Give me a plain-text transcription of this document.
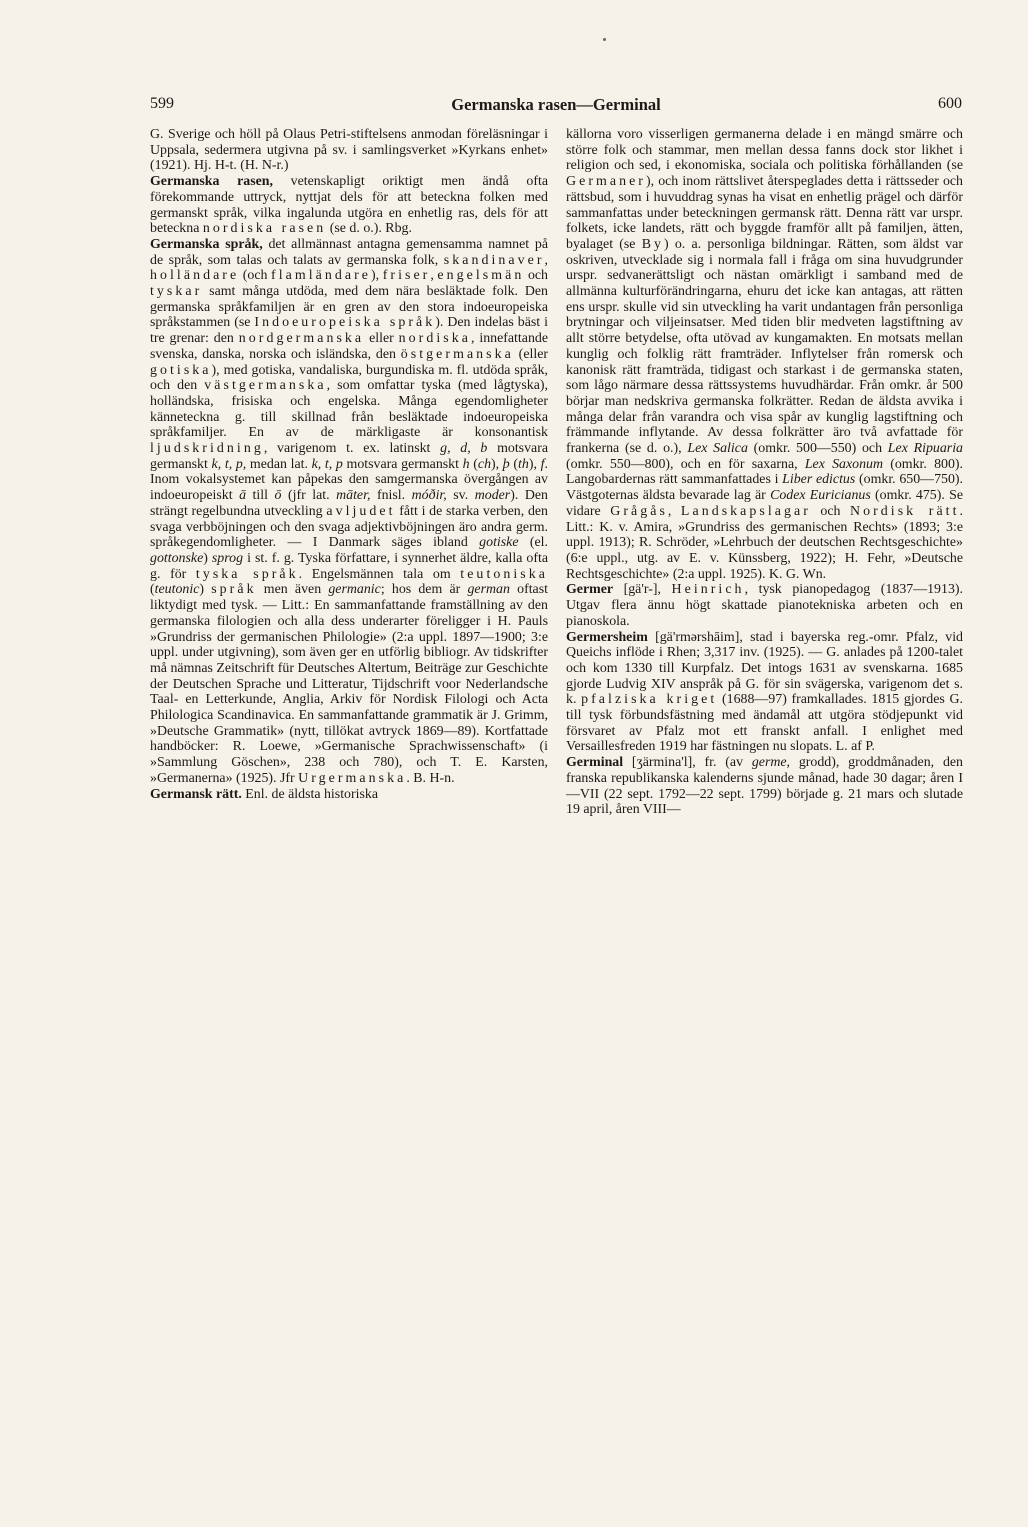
599	Germanska rasen—Germinal	600

G. Sverige och höll på Olaus Petri-stiftelsens anmodan föreläsningar i Uppsala, sedermera utgivna på sv. i samlingsverket »Kyrkans enhet» (1921). Hj. H-t. (H. N-r.)

Germanska rasen, vetenskapligt oriktigt men ändå ofta förekommande uttryck, nyttjat dels för att beteckna folken med germanskt språk, vilka ingalunda utgöra en enhetlig ras, dels för att beteckna nordiska rasen (se d. o.). Rbg.

Germanska språk, det allmännast antagna gemensamma namnet på de språk, som talas och talats av germanska folk, skandinaver, holländare (och flamländare), friser, engelsmän och tyskar samt många utdöda, med dem nära besläktade folk. Den germanska språkfamiljen är en gren av den stora indoeuropeiska språkstammen (se Indoeuropeiska språk). Den indelas bäst i tre grenar: den nordgermanska eller nordiska, innefattande svenska, danska, norska och isländska, den östgermanska (eller gotiska), med gotiska, vandaliska, burgundiska m. fl. utdöda språk, och den västgermanska, som omfattar tyska (med lågtyska), holländska, frisiska och engelska. Många egendomligheter kännetecknа g. till skillnad från besläktade indoeuropeiska språkfamiljer. En av de märkligaste är konsonantisk ljudskridning, varigenom t. ex. latinskt g, d, b motsvara germanskt k, t, p, medan lat. k, t, p motsvara germanskt h (ch), þ (th), f. Inom vokalsystemet kan påpekas den samgermanska övergången av indoeuropeiskt ā till ō (jfr lat. māter, fnisl. móðir, sv. moder). Den strängt regelbundna utveckling avljudet fått i de starka verben, den svaga verbböjningen och den svaga adjektivböjningen äro andra germ. språkegendomligheter. — I Danmark säges ibland gotiske (el. gottonske) sprog i st. f. g. Tyska författare, i synnerhet äldre, kalla ofta g. för tyska språk. Engelsmännen tala om teutoniska (teutonic) språk men även germanic; hos dem är german oftast liktydigt med tysk. — Litt.: En sammanfattande framställning av den germanska filologien och alla dess underarter föreligger i H. Pauls »Grundriss der germanischen Philologie» (2:a uppl. 1897—1900; 3:e uppl. under utgivning), som även ger en utförlig bibliogr. Av tidskrifter må nämnas Zeitschrift für Deutsches Altertum, Beiträge zur Geschichte der Deutschen Sprache und Litteratur, Tijdschrift voor Nederlandsche Taal- en Letterkunde, Anglia, Arkiv för Nordisk Filologi och Acta Philologica Scandinavica. En sammanfattande grammatik är J. Grimm, »Deutsche Grammatik» (nytt, tillökat avtryck 1869—89). Kortfattade handböcker: R. Loewe, »Germanische Sprachwissenschaft» (i »Sammlung Göschen», 238 och 780), och T. E. Karsten, »Germanerna» (1925). Jfr Urgermanska. B. H-n.

Germansk rätt. Enl. de äldsta historiska

källorna voro visserligen germanerna delade i en mängd smärre och större folk och stammar, men mellan dessa fanns dock stor likhet i religion och sed, i ekonomiska, sociala och politiska förhållanden (se Germaner), och inom rättslivet återspeglades detta i rättsseder och rättsbud, som i huvuddrag synas ha visat en enhetlig prägel och därför sammanfattas under beteckningen germansk rätt. Denna rätt var urspr. folkets, icke landets, rätt och byggde framför allt på familjen, ätten, byalaget (se By) o. a. personliga bildningar. Rätten, som äldst var oskriven, utvecklade sig i normala fall i fråga om sina huvudgrunder urspr. sedvanerättsligt och nästan omärkligt i samband med de allmänna kulturförändringarna, ehuru det icke kan antagas, att rätten ens urspr. skulle vid sin utveckling ha varit undantagen från personliga brytningar och viljeinsatser. Med tiden blir medveten lagstiftning av allt större betydelse, ofta utövad av kungamakten. En motsats mellan kunglig och folklig rätt framträder. Inflytelser från romersk och kanonisk rätt framträda, tidigast och starkast i de germanska staten, som lågo närmare dessa rättssystems huvudhärdar. Från omkr. år 500 börjar man nedskriva germanska folkrätter. Redan de äldsta avvika i många delar från varandra och visa spår av kunglig lagstiftning och främmande inflytande. Av dessa folkrätter äro två avfattade för frankerna (se d. o.), Lex Salica (omkr. 500—550) och Lex Ripuaria (omkr. 550—800), och en för saxarna, Lex Saxonum (omkr. 800). Langobardernas rätt sammanfattades i Liber edictus (omkr. 650—750). Västgoternas äldsta bevarade lag är Codex Euricianus (omkr. 475). Se vidare Grågås, Landskapslagar och Nordisk rätt. Litt.: K. v. Amira, »Grundriss des germanischen Rechts» (1893; 3:e uppl. 1913); R. Schröder, »Lehrbuch der deutschen Rechtsgeschichte» (6:e uppl., utg. av E. v. Künssberg, 1922); H. Fehr, »Deutsche Rechtsgeschichte» (2:a uppl. 1925). K. G. Wn.

Germer [gä'r-], Heinrich, tysk pianopedagog (1837—1913). Utgav flera ännu högt skattade pianotekniska arbeten och en pianoskola.

Germersheim [gä'rmərshāim], stad i bayerska reg.-omr. Pfalz, vid Queichs inflöde i Rhen; 3,317 inv. (1925). — G. anlades på 1200-talet och kom 1330 till Kurpfalz. Det intogs 1631 av svenskarna. 1685 gjorde Ludvig XIV anspråk på G. för sin svägerska, varigenom det s. k. pfalziska kriget (1688—97) framkallades. 1815 gjordes G. till tysk förbundsfästning med ändamål att utgöra stödjepunkt vid försvaret av Pfalz mot ett franskt anfall. I enlighet med Versaillesfreden 1919 har fästningen nu slopats. L. af P.

Germinal [ʒärmina'l], fr. (av germe, grodd), groddmånaden, den franska republikanska kalenderns sjunde månad, hade 30 dagar; åren I—VII (22 sept. 1792—22 sept. 1799) började g. 21 mars och slutade 19 april, åren VIII—
